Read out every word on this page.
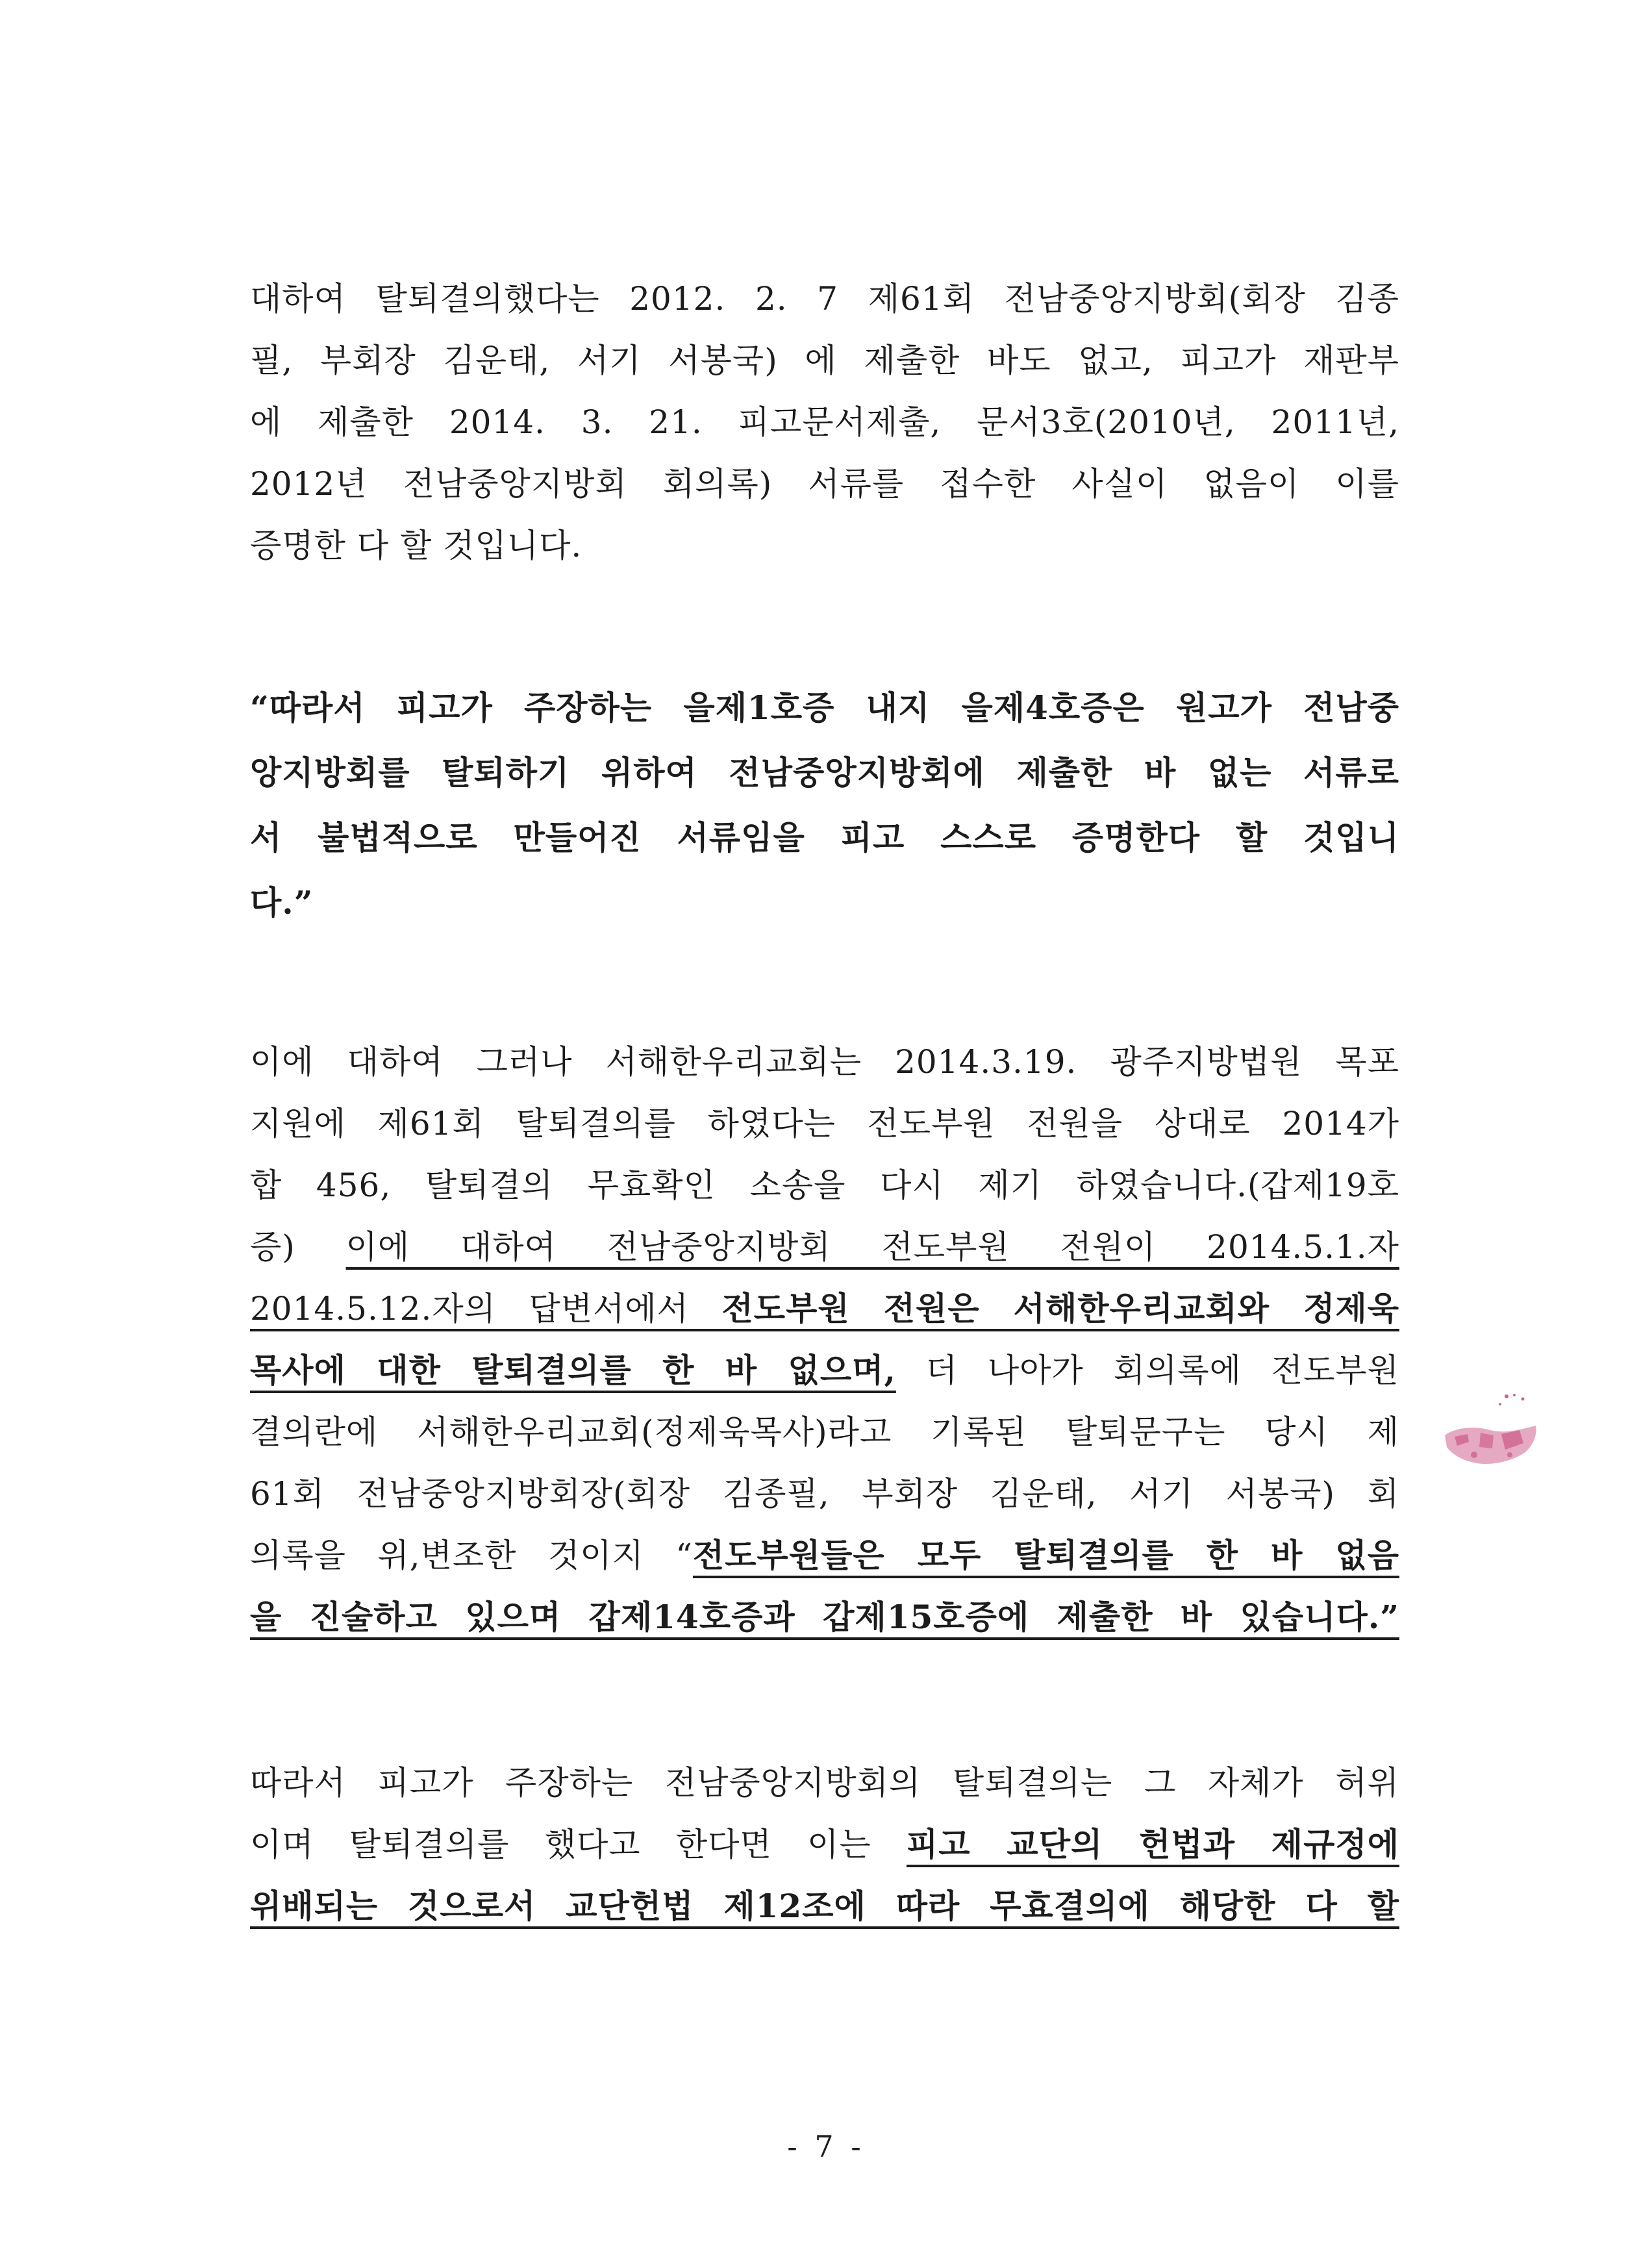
대하여 탈퇴결의했다는 2012. 2. 7 제61회 전남중앙지방회(회장 김종
필, 부회장 김운태, 서기 서봉국) 에 제출한 바도 없고, 피고가 재판부
에 제출한 2014. 3. 21. 피고문서제출, 문서3호(2010년, 2011년,
2012년 전남중앙지방회 회의록) 서류를 접수한 사실이 없음이 이를
증명한 다 할 것입니다.
“따라서 피고가 주장하는 을제1호증 내지 을제4호증은 원고가 전남중
앙지방회를 탈퇴하기 위하여 전남중앙지방회에 제출한 바 없는 서류로
서 불법적으로 만들어진 서류임을 피고 스스로 증명한다 할 것입니
다.”
이에 대하여 그러나 서해한우리교회는 2014.3.19. 광주지방법원 목포
지원에 제61회 탈퇴결의를 하였다는 전도부원 전원을 상대로 2014가
합 456, 탈퇴결의 무효확인 소송을 다시 제기 하였습니다.(갑제19호
증) 이에 대하여 전남중앙지방회 전도부원 전원이 2014.5.1.자
2014.5.12.자의 답변서에서 전도부원 전원은 서해한우리교회와 정제욱
목사에 대한 탈퇴결의를 한 바 없으며, 더 나아가 회의록에 전도부원
결의란에 서해한우리교회(정제욱목사)라고 기록된 탈퇴문구는 당시 제
61회 전남중앙지방회장(회장 김종필, 부회장 김운태, 서기 서봉국) 회
의록을 위,변조한 것이지 “전도부원들은 모두 탈퇴결의를 한 바 없음
을 진술하고 있으며 갑제14호증과 갑제15호증에 제출한 바 있습니다.”
따라서 피고가 주장하는 전남중앙지방회의 탈퇴결의는 그 자체가 허위
이며 탈퇴결의를 했다고 한다면 이는 피고 교단의 헌법과 제규정에
위배되는 것으로서 교단헌법 제12조에 따라 무효결의에 해당한 다 할
- 7 -
